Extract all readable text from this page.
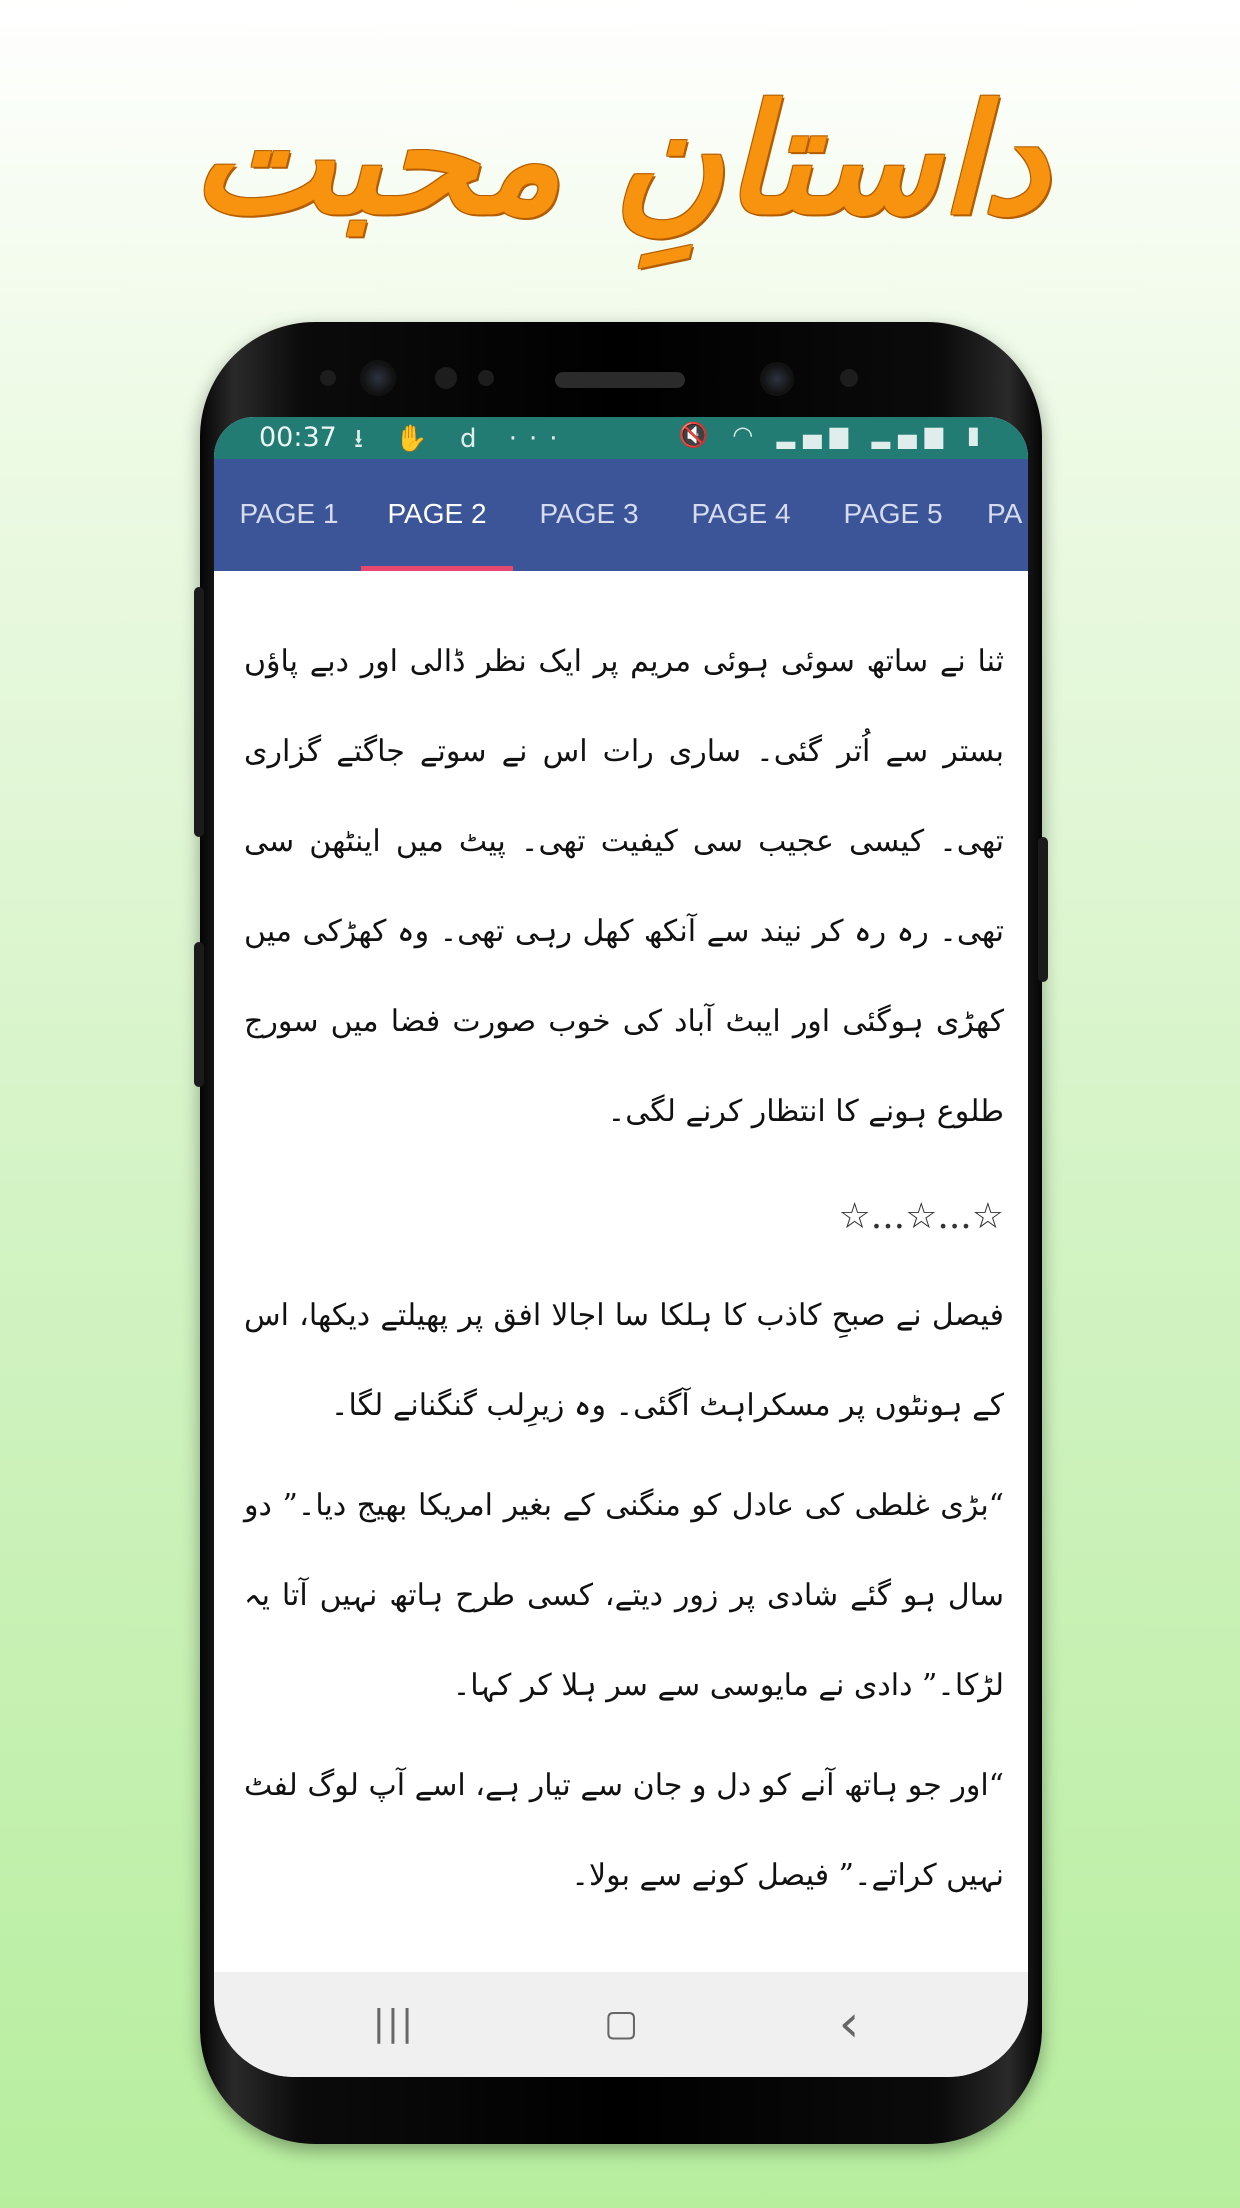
داستانِ محبت
00:37 ⭳ ✋ d ···	🔇 ◠ ▂▄▆ ▂▄▆ ▮
PAGE 1	PAGE 2	PAGE 3	PAGE 4	PAGE 5	PA

ثنا نے ساتھ سوئی ہوئی مریم پر ایک نظر ڈالی اور دبے پاؤں بستر سے اُتر گئی۔ ساری رات اس نے سوتے جاگتے گزاری تھی۔ کیسی عجیب سی کیفیت تھی۔ پیٹ میں اینٹھن سی تھی۔ رہ رہ کر نیند سے آنکھ کھل رہی تھی۔ وہ کھڑکی میں کھڑی ہوگئی اور ایبٹ آباد کی خوب صورت فضا میں سورج طلوع ہونے کا انتظار کرنے لگی۔

☆...☆...☆

فیصل نے صبحِ کاذب کا ہلکا سا اجالا افق پر پھیلتے دیکھا، اس کے ہونٹوں پر مسکراہٹ آگئی۔ وہ زیرِلب گنگنانے لگا۔

“بڑی غلطی کی عادل کو منگنی کے بغیر امریکا بھیج دیا۔” دو سال ہو گئے شادی پر زور دیتے، کسی طرح ہاتھ نہیں آتا یہ لڑکا۔” دادی نے مایوسی سے سر ہلا کر کہا۔

“اور جو ہاتھ آنے کو دل و جان سے تیار ہے، اسے آپ لوگ لفٹ نہیں کراتے۔” فیصل کونے سے بولا۔

|||	▢	‹
